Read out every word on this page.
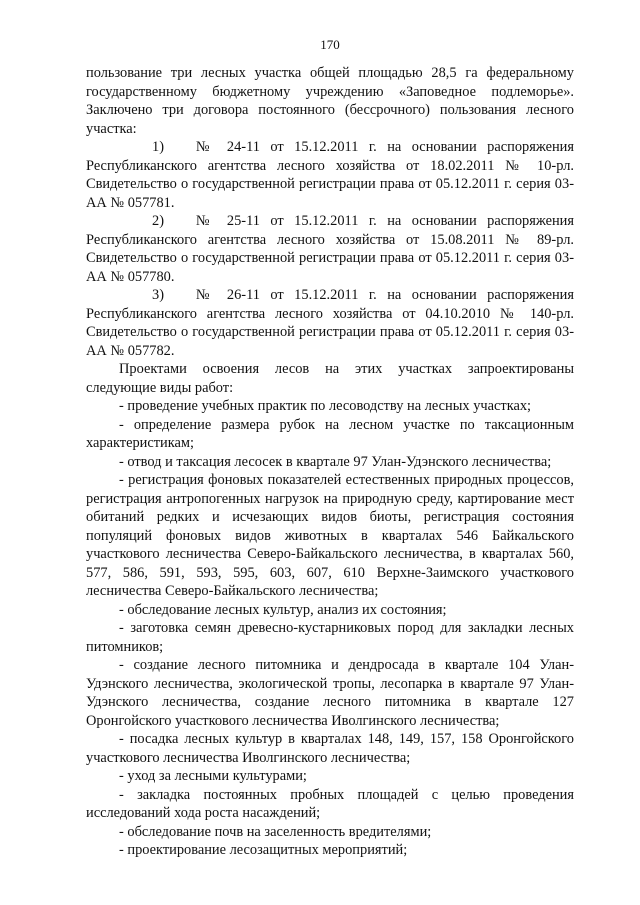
170

пользование три лесных участка общей площадью 28,5 га федеральному государственному бюджетному учреждению «Заповедное подлеморье». Заключено три договора постоянного (бессрочного) пользования лесного участка:

1) № 24-11 от 15.12.2011 г. на основании распоряжения Республиканского агентства лесного хозяйства от 18.02.2011 № 10-рл. Свидетельство о государственной регистрации права от 05.12.2011 г. серия 03-АА № 057781.

2) № 25-11 от 15.12.2011 г. на основании распоряжения Республиканского агентства лесного хозяйства от 15.08.2011 № 89-рл. Свидетельство о государственной регистрации права от 05.12.2011 г. серия 03-АА № 057780.

3) № 26-11 от 15.12.2011 г. на основании распоряжения Республиканского агентства лесного хозяйства от 04.10.2010 № 140-рл. Свидетельство о государственной регистрации права от 05.12.2011 г. серия 03-АА № 057782.

Проектами освоения лесов на этих участках запроектированы следующие виды работ:

- проведение учебных практик по лесоводству на лесных участках;

- определение размера рубок на лесном участке по таксационным характеристикам;

- отвод и таксация лесосек в квартале 97 Улан-Удэнского лесничества;

- регистрация фоновых показателей естественных природных процессов, регистрация антропогенных нагрузок на природную среду, картирование мест обитаний редких и исчезающих видов биоты, регистрация состояния популяций фоновых видов животных в кварталах 546 Байкальского участкового лесничества Северо-Байкальского лесничества, в кварталах 560, 577, 586, 591, 593, 595, 603, 607, 610 Верхне-Заимского участкового лесничества Северо-Байкальского лесничества;

- обследование лесных культур, анализ их состояния;

- заготовка семян древесно-кустарниковых пород для закладки лесных питомников;

- создание лесного питомника и дендросада в квартале 104 Улан-Удэнского лесничества, экологической тропы, лесопарка в квартале 97 Улан-Удэнского лесничества, создание лесного питомника в квартале 127 Оронгойского участкового лесничества Иволгинского лесничества;

- посадка лесных культур в кварталах 148, 149, 157, 158 Оронгойского участкового лесничества Иволгинского лесничества;

- уход за лесными культурами;

- закладка постоянных пробных площадей с целью проведения исследований хода роста насаждений;

- обследование почв на заселенность вредителями;

- проектирование лесозащитных мероприятий;
